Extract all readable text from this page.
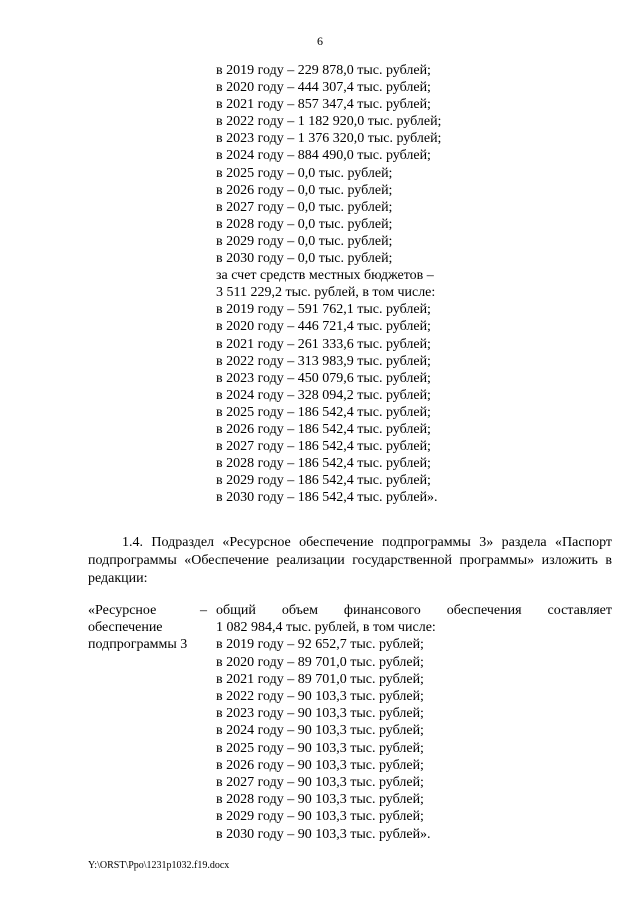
6
в 2019 году – 229 878,0 тыс. рублей;
в 2020 году – 444 307,4 тыс. рублей;
в 2021 году – 857 347,4 тыс. рублей;
в 2022 году – 1 182 920,0 тыс. рублей;
в 2023 году – 1 376 320,0 тыс. рублей;
в 2024 году – 884 490,0 тыс. рублей;
в 2025 году – 0,0 тыс. рублей;
в 2026 году – 0,0 тыс. рублей;
в 2027 году – 0,0 тыс. рублей;
в 2028 году – 0,0 тыс. рублей;
в 2029 году – 0,0 тыс. рублей;
в 2030 году – 0,0 тыс. рублей;
за счет средств местных бюджетов –
3 511 229,2 тыс. рублей, в том числе:
в 2019 году – 591 762,1 тыс. рублей;
в 2020 году – 446 721,4 тыс. рублей;
в 2021 году – 261 333,6 тыс. рублей;
в 2022 году – 313 983,9 тыс. рублей;
в 2023 году – 450 079,6 тыс. рублей;
в 2024 году – 328 094,2 тыс. рублей;
в 2025 году – 186 542,4 тыс. рублей;
в 2026 году – 186 542,4 тыс. рублей;
в 2027 году – 186 542,4 тыс. рублей;
в 2028 году – 186 542,4 тыс. рублей;
в 2029 году – 186 542,4 тыс. рублей;
в 2030 году – 186 542,4 тыс. рублей».
1.4. Подраздел «Ресурсное обеспечение подпрограммы 3» раздела «Паспорт подпрограммы «Обеспечение реализации государственной программы» изложить в редакции:
«Ресурсное
обеспечение
подпрограммы 3
– общий объем финансового обеспечения составляет
1 082 984,4 тыс. рублей, в том числе:
в 2019 году – 92 652,7 тыс. рублей;
в 2020 году – 89 701,0 тыс. рублей;
в 2021 году – 89 701,0 тыс. рублей;
в 2022 году – 90 103,3 тыс. рублей;
в 2023 году – 90 103,3 тыс. рублей;
в 2024 году – 90 103,3 тыс. рублей;
в 2025 году – 90 103,3 тыс. рублей;
в 2026 году – 90 103,3 тыс. рублей;
в 2027 году – 90 103,3 тыс. рублей;
в 2028 году – 90 103,3 тыс. рублей;
в 2029 году – 90 103,3 тыс. рублей;
в 2030 году – 90 103,3 тыс. рублей».
Y:\ORST\Ppo\1231p1032.f19.docx
